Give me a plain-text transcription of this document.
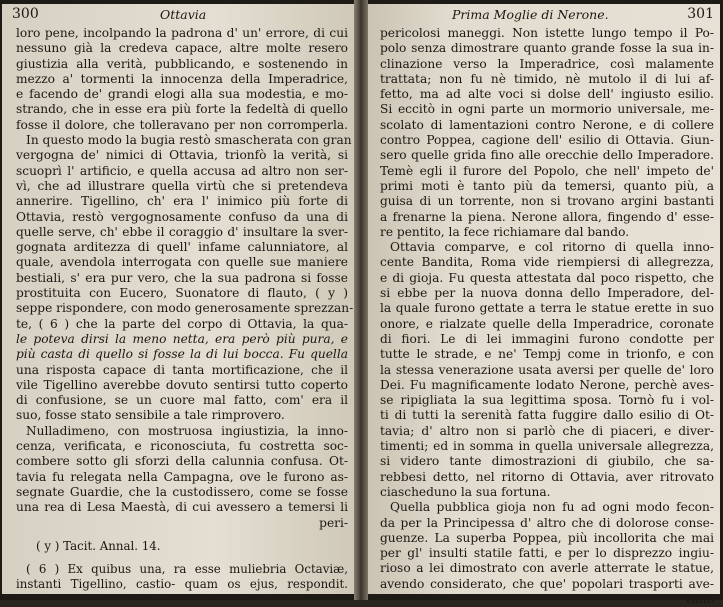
300	Ottavia
loro pene, incolpando la padrona d' un' errore, di cui
nessuno già la credeva capace, altre molte resero
giustizia alla verità, pubblicando, e sostenendo in
mezzo a' tormenti la innocenza della Imperadrice,
e facendo de' grandi elogi alla sua modestia, e mo-
strando, che in esse era più forte la fedeltà di quello
fosse il dolore, che tolleravano per non corromperla.
In questo modo la bugia restò smascherata con gran
vergogna de' nimici di Ottavia, trionfò la verità, si
scuoprì l' artificio, e quella accusa ad altro non ser-
vì, che ad illustrare quella virtù che si pretendeva
annerire. Tigellino, ch' era l' inimico più forte di
Ottavia, restò vergognosamente confuso da una di
quelle serve, ch' ebbe il coraggio d' insultare la sver-
gognata arditezza di quell' infame calunniatore, al
quale, avendola interrogata con quelle sue maniere
bestiali, s' era pur vero, che la sua padrona si fosse
prostituita con Eucero, Suonatore di flauto, ( y )
seppe rispondere, con modo generosamente sprezzan-
te, ( 6 ) che la parte del corpo di Ottavia, la qua-
le poteva dirsi la meno netta, era però più pura, e
più casta di quello si fosse la di lui bocca. Fu quella
una risposta capace di tanta mortificazione, che il
vile Tigellino averebbe dovuto sentirsi tutto coperto
di confusione, se un cuore mal fatto, com' era il
suo, fosse stato sensibile a tale rimprovero.
Nulladimeno, con mostruosa ingiustizia, la inno-
cenza, verificata, e riconosciuta, fu costretta soc-
combere sotto gli sforzi della calunnia confusa. Ot-
tavia fu relegata nella Campagna, ove le furono as-
segnate Guardie, che la custodissero, come se fosse
una rea di Lesa Maestà, di cui avessero a temersi li
peri-
( y ) Tacit. Annal. 14.
( 6 ) Ex quibus una, ra esse muliebria Octaviæ,
instanti Tigellino, castio- quam os ejus, respondit.
Prima Moglie di Nerone.	301
pericolosi maneggi. Non istette lungo tempo il Po-
polo senza dimostrare quanto grande fosse la sua in-
clinazione verso la Imperadrice, così malamente
trattata; non fu nè timido, nè mutolo il di lui af-
fetto, ma ad alte voci si dolse dell' ingiusto esilio.
Si eccitò in ogni parte un mormorio universale, me-
scolato di lamentazioni contro Nerone, e di collere
contro Poppea, cagione dell' esilio di Ottavia. Giun-
sero quelle grida fino alle orecchie dello Imperadore.
Temè egli il furore del Popolo, che nell' impeto de'
primi moti è tanto più da temersi, quanto più, a
guisa di un torrente, non si trovano argini bastanti
a frenarne la piena. Nerone allora, fingendo d' esse-
re pentito, la fece richiamare dal bando.
Ottavia comparve, e col ritorno di quella inno-
cente Bandita, Roma vide riempiersi di allegrezza,
e di gioja. Fu questa attestata dal poco rispetto, che
si ebbe per la nuova donna dello Imperadore, del-
la quale furono gettate a terra le statue erette in suo
onore, e rialzate quelle della Imperadrice, coronate
di fiori. Le di lei immagini furono condotte per
tutte le strade, e ne' Tempj come in trionfo, e con
la stessa venerazione usata aversi per quelle de' loro
Dei. Fu magnificamente lodato Nerone, perchè aves-
se ripigliata la sua legittima sposa. Tornò fu i vol-
ti di tutti la serenità fatta fuggire dallo esilio di Ot-
tavia; d' altro non si parlò che di piaceri, e diver-
timenti; ed in somma in quella universale allegrezza,
si videro tante dimostrazioni di giubilo, che sa-
rebbesi detto, nel ritorno di Ottavia, aver ritrovato
ciascheduno la sua fortuna.
Quella pubblica gioja non fu ad ogni modo fecon-
da per la Principessa d' altro che di dolorose conse-
guenze. La superba Poppea, più incollorita che mai
per gl' insulti statile fatti, e per lo disprezzo ingiu-
rioso a lei dimostrato con averle atterrate le statue,
avendo considerato, che que' popolari trasporti ave-
vano
